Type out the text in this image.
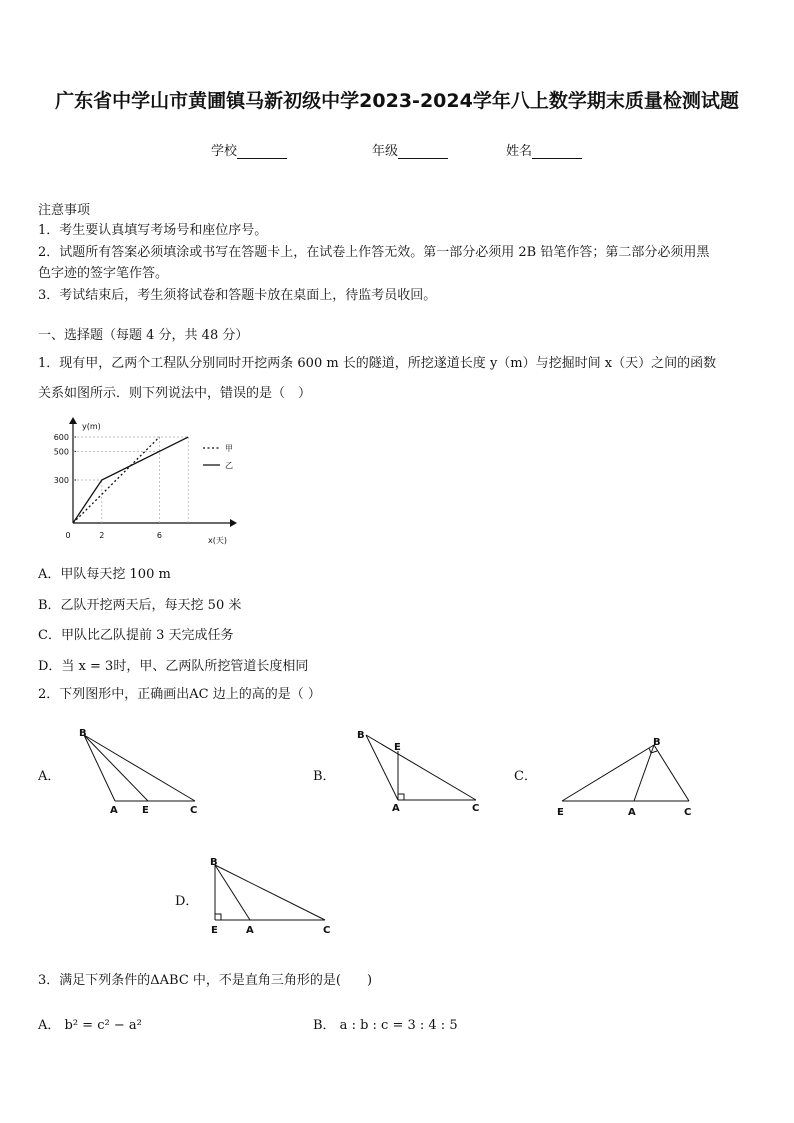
广东省中学山市黄圃镇马新初级中学2023-2024学年八上数学期末质量检测试题
学校	年级	姓名
注意事项
1．考生要认真填写考场号和座位序号。
2．试题所有答案必须填涂或书写在答题卡上，在试卷上作答无效。第一部分必须用 2B 铅笔作答；第二部分必须用黑
色字迹的签字笔作答。
3．考试结束后，考生须将试卷和答题卡放在桌面上，待监考员收回。
一、选择题（每题 4 分，共 48 分）
1．现有甲，乙两个工程队分别同时开挖两条 600 m 长的隧道，所挖遂道长度 y（m）与挖掘时间 x（天）之间的函数
关系如图所示．则下列说法中，错误的是（　）
y(m)
x(天)
600
500
300
0	2	6
甲
乙
A．甲队每天挖 100 m
B．乙队开挖两天后，每天挖 50 米
C．甲队比乙队提前 3 天完成任务
D．当 x = 3时，甲、乙两队所挖管道长度相同
2．下列图形中，正确画出AC 边上的高的是（ ）
A．
B
A E	C
B．
B
E
A	C
C．
B
E	A	C
D．
B
E	A	C
3．满足下列条件的ΔABC 中，不是直角三角形的是(　　)
A． b² = c² − a²	B． a : b : c = 3 : 4 : 5
